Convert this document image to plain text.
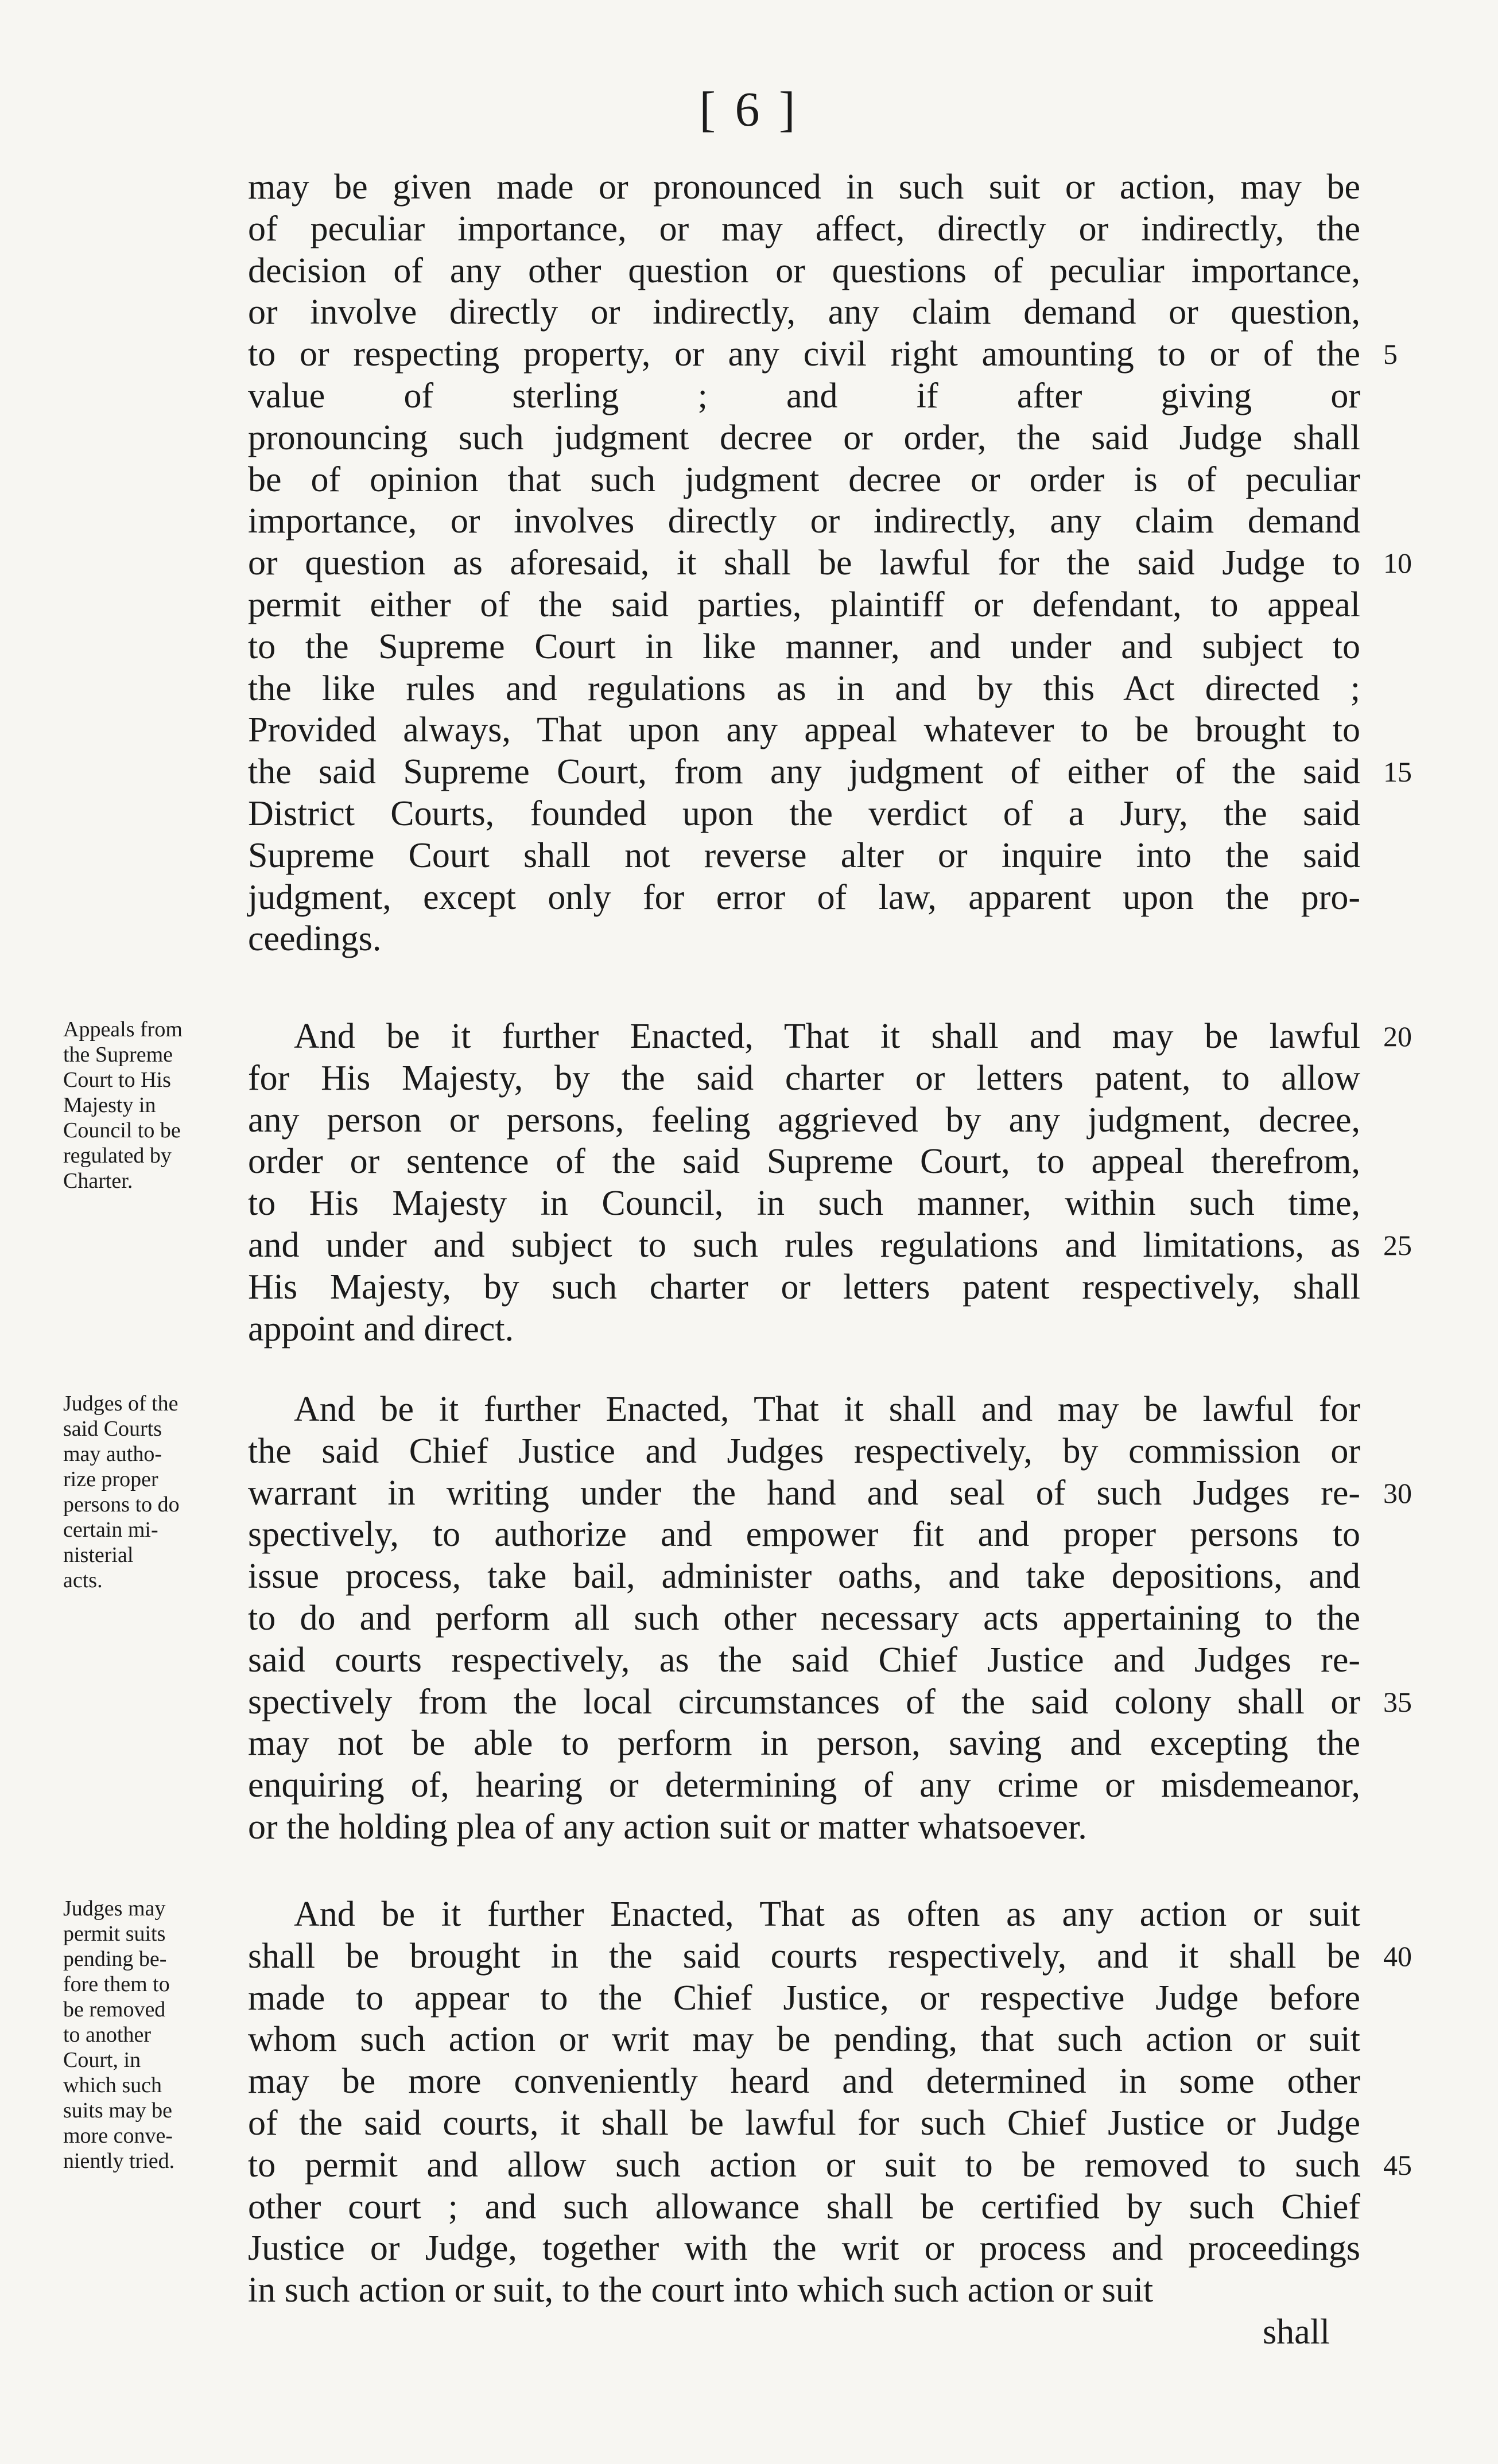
[ 6 ]
may be given made or pronounced in such suit or action, may be
of peculiar importance, or may affect, directly or indirectly, the
decision of any other question or questions of peculiar importance,
or involve directly or indirectly, any claim demand or question,
to or respecting property, or any civil right amounting to or of the
value of sterling ; and if after giving or
pronouncing such judgment decree or order, the said Judge shall
be of opinion that such judgment decree or order is of peculiar
importance, or involves directly or indirectly, any claim demand
or question as aforesaid, it shall be lawful for the said Judge to
permit either of the said parties, plaintiff or defendant, to appeal
to the Supreme Court in like manner, and under and subject to
the like rules and regulations as in and by this Act directed ;
Provided always, That upon any appeal whatever to be brought to
the said Supreme Court, from any judgment of either of the said
District Courts, founded upon the verdict of a Jury, the said
Supreme Court shall not reverse alter or inquire into the said
judgment, except only for error of law, apparent upon the pro-
ceedings.
5
10
15
And be it further Enacted, That it shall and may be lawful
for His Majesty, by the said charter or letters patent, to allow
any person or persons, feeling aggrieved by any judgment, decree,
order or sentence of the said Supreme Court, to appeal therefrom,
to His Majesty in Council, in such manner, within such time,
and under and subject to such rules regulations and limitations, as
His Majesty, by such charter or letters patent respectively, shall
appoint and direct.
20
25
Appeals from
the Supreme
Court to His
Majesty in
Council to be
regulated by
Charter.
And be it further Enacted, That it shall and may be lawful for
the said Chief Justice and Judges respectively, by commission or
warrant in writing under the hand and seal of such Judges re-
spectively, to authorize and empower fit and proper persons to
issue process, take bail, administer oaths, and take depositions, and
to do and perform all such other necessary acts appertaining to the
said courts respectively, as the said Chief Justice and Judges re-
spectively from the local circumstances of the said colony shall or
may not be able to perform in person, saving and excepting the
enquiring of, hearing or determining of any crime or misdemeanor,
or the holding plea of any action suit or matter whatsoever.
30
35
Judges of the
said Courts
may autho-
rize proper
persons to do
certain mi-
nisterial
acts.
And be it further Enacted, That as often as any action or suit
shall be brought in the said courts respectively, and it shall be
made to appear to the Chief Justice, or respective Judge before
whom such action or writ may be pending, that such action or suit
may be more conveniently heard and determined in some other
of the said courts, it shall be lawful for such Chief Justice or Judge
to permit and allow such action or suit to be removed to such
other court ; and such allowance shall be certified by such Chief
Justice or Judge, together with the writ or process and proceedings
in such action or suit, to the court into which such action or suit
40
45
Judges may
permit suits
pending be-
fore them to
be removed
to another
Court, in
which such
suits may be
more conve-
niently tried.
shall
